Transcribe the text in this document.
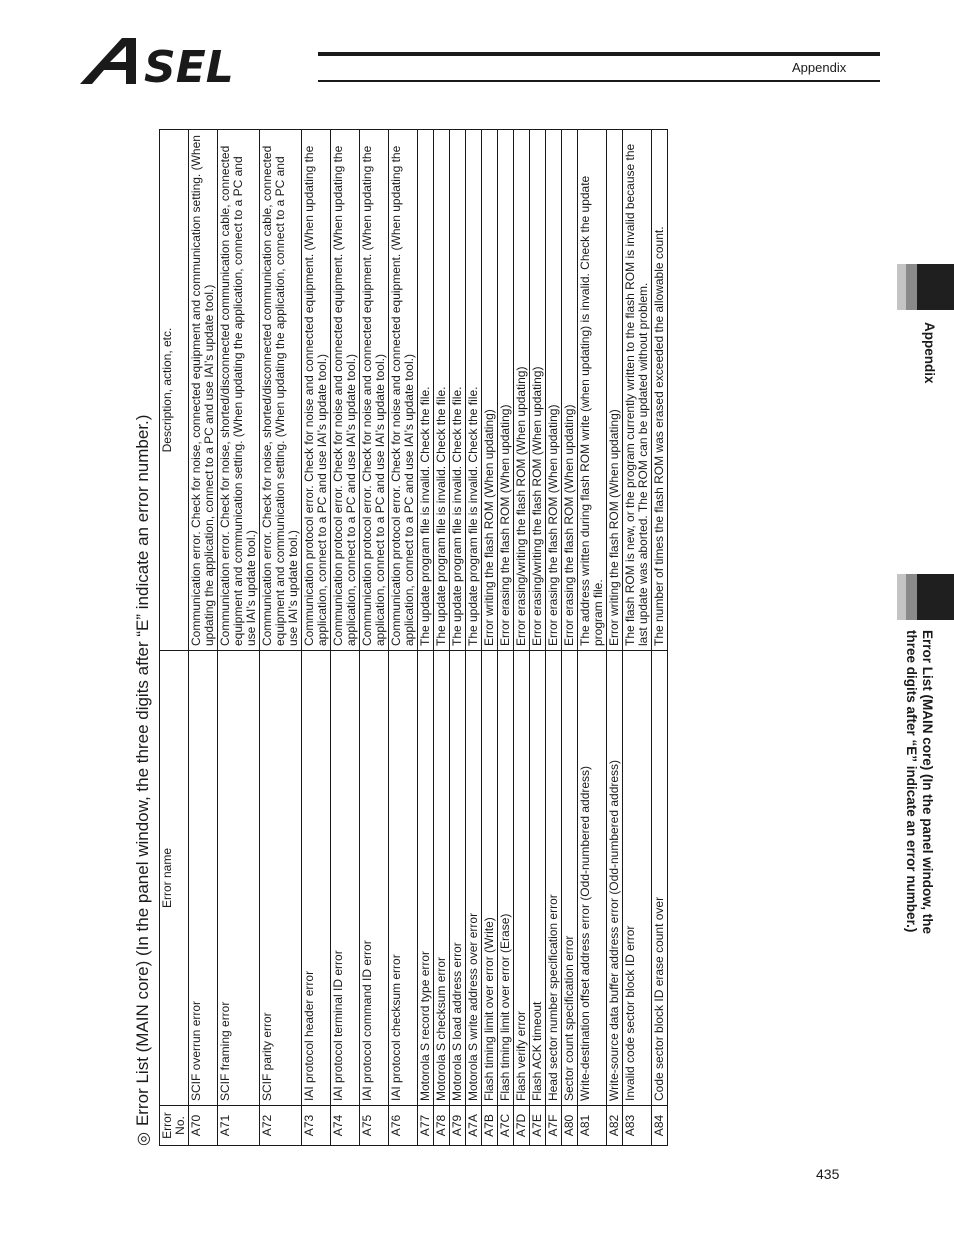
SEL	Appendix
Appendix
Error List (MAIN core) (In the panel window, the three digits after “E” indicate an error number.)
◎
Error List (MAIN core) (In the panel window, the three digits after “E” indicate an error number.) Error No.	Error name	Description, action, etc.
A70	SCIF overrun error	Communication error. Check for noise, connected equipment and communication setting. (When updating the application, connect to a PC and use IAI’s update tool.)
A71	SCIF framing error	Communication error. Check for noise, shorted/disconnected communication cable, connected equipment and communication setting. (When updating the application, connect to a PC and use IAI’s update tool.)
A72	SCIF parity error	Communication error. Check for noise, shorted/disconnected communication cable, connected equipment and communication setting. (When updating the application, connect to a PC and use IAI’s update tool.)
A73	IAI protocol header error	Communication protocol error. Check for noise and connected equipment. (When updating the application, connect to a PC and use IAI’s update tool.)
A74	IAI protocol terminal ID error	Communication protocol error. Check for noise and connected equipment. (When updating the application, connect to a PC and use IAI’s update tool.)
A75	IAI protocol command ID error	Communication protocol error. Check for noise and connected equipment. (When updating the application, connect to a PC and use IAI’s update tool.)
A76	IAI protocol checksum error	Communication protocol error. Check for noise and connected equipment. (When updating the application, connect to a PC and use IAI’s update tool.)
A77	Motorola S record type error	The update program file is invalid. Check the file.
A78	Motorola S checksum error	The update program file is invalid. Check the file.
A79	Motorola S load address error	The update program file is invalid. Check the file.
A7A	Motorola S write address over error	The update program file is invalid. Check the file.
A7B	Flash timing limit over error (Write)	Error writing the flash ROM (When updating)
A7C	Flash timing limit over error (Erase)	Error erasing the flash ROM (When updating)
A7D	Flash verify error	Error erasing/writing the flash ROM (When updating)
A7E	Flash ACK timeout	Error erasing/writing the flash ROM (When updating)
A7F	Head sector number specification error	Error erasing the flash ROM (When updating)
A80	Sector count specification error	Error erasing the flash ROM (When updating)
A81	Write-destination offset address error (Odd-numbered address)	The address written during flash ROM write (when updating) is invalid. Check the update program file.
A82	Write-source data buffer address error (Odd-numbered address)	Error writing the flash ROM (When updating)
A83	Invalid code sector block ID error	The flash ROM is new, or the program currently written to the flash ROM is invalid because the last update was aborted. The ROM can be updated without problem.
A84	Code sector block ID erase count over	The number of times the flash ROM was erased exceeded the allowable count.
435
